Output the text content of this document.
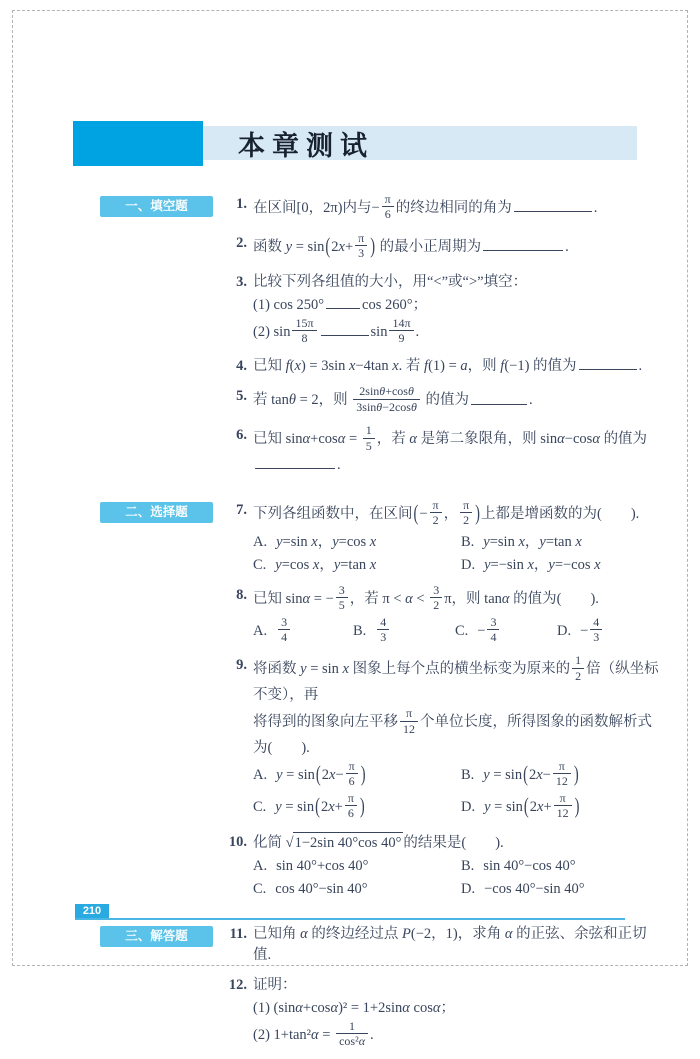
本章测试
一、填空题	1. 在区间[0，2π)内与− $\frac{\pi}{6}$ 的终边相同的角为	.
2. 函数 $y = \sin(2x+ \frac{\pi}{3}$ ) 的最小正周期为	.
3. 比较下列各组值的大小，用“<”或“>”填空：
(1) cos 250°	cos 260°；
(2) $\sin \frac{15\pi}{8}$	$\sin \frac{14\pi}{9}$ .
4. 已知 f(x) = 3sin x−4tan x. 若 f(1) = a，则 f(−1) 的值为	.
5. 若 tanθ = 2，则 $\frac{2\sin\theta+\cos\theta}{3\sin\theta-2\cos\theta}$ 的值为	.
6. 已知 $\sin\alpha+\cos\alpha = \frac{1}{5}$ ，若 α 是第二象限角，则 sinα−cosα 的值为.
二、选择题	7. 下列各组函数中，在区间(− $\frac{\pi}{2}$ ， $\frac{\pi}{2}$ )上都是增函数的为(　　).
A. y=sin x，y=cos x	B. y=sin x，y=tan x
C. y=cos x，y=tan x	D. y=−sin x，y=−cos x
8. 已知 sinα = − $\frac{3}{5}$ ，若 $\pi < \alpha < \frac{3}{2}$ π，则 tanα 的值为(　　).
A. $\frac{3}{4}$	B. $\frac{4}{3}$	C. − $\frac{3}{4}$	D. − $\frac{4}{3}$
9. 将函数 y = sin x 图象上每个点的横坐标变为原来的 $\frac{1}{2}$ 倍（纵坐标不变），再
将得到的图象向左平移 $\frac{\pi}{12}$ 个单位长度，所得图象的函数解析式为(　　).
A. $y = \sin(2x- \frac{\pi}{6}$ )	B. $y = \sin(2x- \frac{\pi}{12}$ )
C. $y = \sin(2x+ \frac{\pi}{6}$ )	D. $y = \sin(2x+ \frac{\pi}{12}$ )
10. 化简 √ 1−2sin 40°cos 40° 的结果是(　　).
A. sin 40°+cos 40°	B. sin 40°−cos 40°
C. cos 40°−sin 40°	D. −cos 40°−sin 40°
三、解答题	11. 已知角 α 的终边经过点 P(−2，1)，求角 α 的正弦、余弦和正切值.
12. 证明：
(1) (sinα+cosα)² = 1+2sinα cosα；
(2) $1+\tan^2\alpha = \frac{1}{\text{cos²α}}$ .
210
